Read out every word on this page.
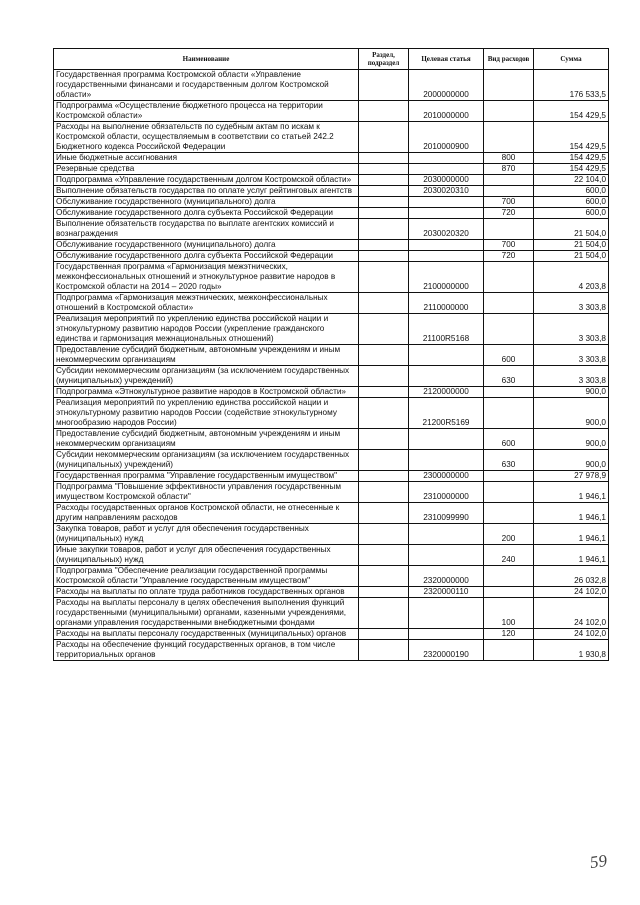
Наименование	Раздел, подраздел	Целевая статья	Вид расходов	Сумма
Государственная программа Костромской области «Управление государственными финансами и государственным долгом Костромской области»		2000000000		176 533,5
Подпрограмма «Осуществление бюджетного процесса на территории Костромской области»		2010000000		154 429,5
Расходы на выполнение обязательств по судебным актам по искам к Костромской области, осуществляемым в соответствии со статьей 242.2 Бюджетного кодекса Российской Федерации		2010000900		154 429,5
Иные бюджетные ассигнования			800	154 429,5
Резервные средства			870	154 429,5
Подпрограмма «Управление государственным долгом Костромской области»		2030000000		22 104,0
Выполнение обязательств государства по оплате услуг рейтинговых агентств		2030020310		600,0
Обслуживание государственного (муниципального) долга			700	600,0
Обслуживание государственного долга субъекта Российской Федерации			720	600,0
Выполнение обязательств государства по выплате агентских комиссий и вознаграждения		2030020320		21 504,0
Обслуживание государственного (муниципального) долга			700	21 504,0
Обслуживание государственного долга субъекта Российской Федерации			720	21 504,0
Государственная программа «Гармонизация межэтнических, межконфессиональных отношений и этнокультурное развитие народов в Костромской области на 2014 – 2020 годы»		2100000000		4 203,8
Подпрограмма «Гармонизация межэтнических, межконфессиональных отношений в Костромской области»		2110000000		3 303,8
Реализация мероприятий по укреплению единства российской нации и этнокультурному развитию народов России (укрепление гражданского единства и гармонизация межнациональных отношений)		21100R5168		3 303,8
Предоставление субсидий бюджетным, автономным учреждениям и иным некоммерческим организациям			600	3 303,8
Субсидии некоммерческим организациям (за исключением государственных (муниципальных) учреждений)			630	3 303,8
Подпрограмма «Этнокультурное развитие народов в Костромской области»		2120000000		900,0
Реализация мероприятий по укреплению единства российской нации и этнокультурному развитию народов России (содействие этнокультурному многообразию народов России)		21200R5169		900,0
Предоставление субсидий бюджетным, автономным учреждениям и иным некоммерческим организациям			600	900,0
Субсидии некоммерческим организациям (за исключением государственных (муниципальных) учреждений)			630	900,0
Государственная программа "Управление государственным имуществом"		2300000000		27 978,9
Подпрограмма "Повышение эффективности управления государственным имуществом Костромской области"		2310000000		1 946,1
Расходы государственных органов Костромской области, не отнесенные к другим направлениям расходов		2310099990		1 946,1
Закупка товаров, работ и услуг для обеспечения государственных (муниципальных) нужд			200	1 946,1
Иные закупки товаров, работ и услуг для обеспечения государственных (муниципальных) нужд			240	1 946,1
Подпрограмма "Обеспечение реализации государственной программы Костромской области "Управление государственным имуществом"		2320000000		26 032,8
Расходы на выплаты по оплате труда работников государственных органов		2320000110		24 102,0
Расходы на выплаты персоналу в целях обеспечения выполнения функций государственными (муниципальными) органами, казенными учреждениями, органами управления государственными внебюджетными фондами			100	24 102,0
Расходы на выплаты персоналу государственных (муниципальных) органов			120	24 102,0
Расходы на обеспечение функций государственных органов, в том числе территориальных органов		2320000190		1 930,8
59
